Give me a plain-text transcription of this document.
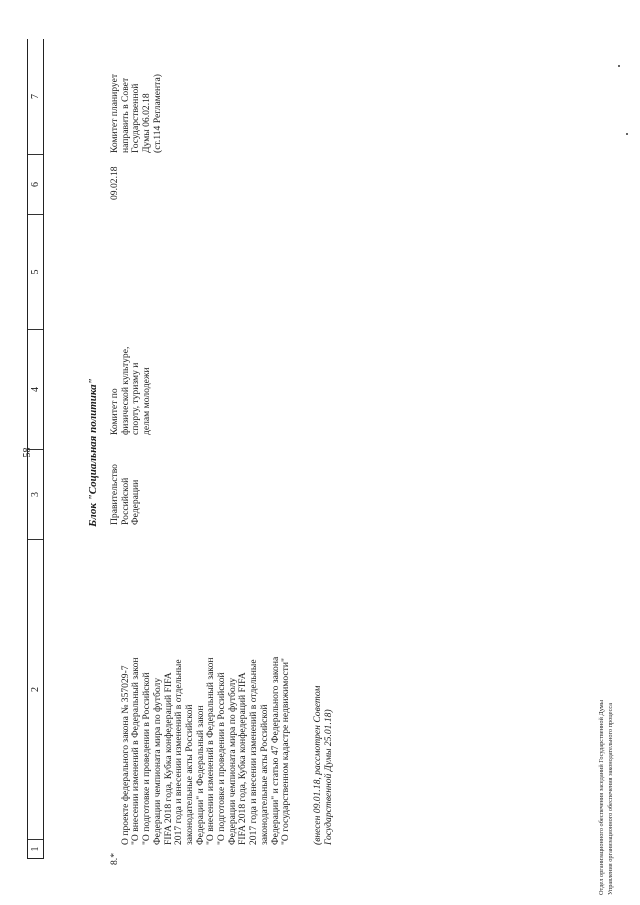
58
1
2
3
4
5
6
7
Блок "Социальная политика"
8.*

О проекте федерального закона № 357029-7
"О внесении изменений в Федеральный закон
"О подготовке и проведении в Российской
Федерации чемпионата мира по футболу
FIFA 2018 года, Кубка конфедераций FIFA
2017 года и внесении изменений в отдельные
законодательные акты Российской
Федерации" и Федеральный закон
"О внесении изменений в Федеральный закон
"О подготовке и проведении в Российской
Федерации чемпионата мира по футболу
FIFA 2018 года, Кубка конфедераций FIFA
2017 года и внесении изменений в отдельные
законодательные акты Российской
Федерации" и статью 47 Федерального закона
"О государственном кадастре недвижимости"

(внесен 09.01.18, рассмотрен Советом
Государственной Думы 25.01.18)

Правительство
Российской
Федерации
Комитет по
физической культуре,
спорту, туризму и
делам молодежи
09.02.18
Комитет планирует
направить в Совет
Государственной
Думы 06.02.18
(ст.114 Регламента)
Отдел организационного обеспечения заседаний Государственной Думы
Управления организационного обеспечения законодательного процесса
